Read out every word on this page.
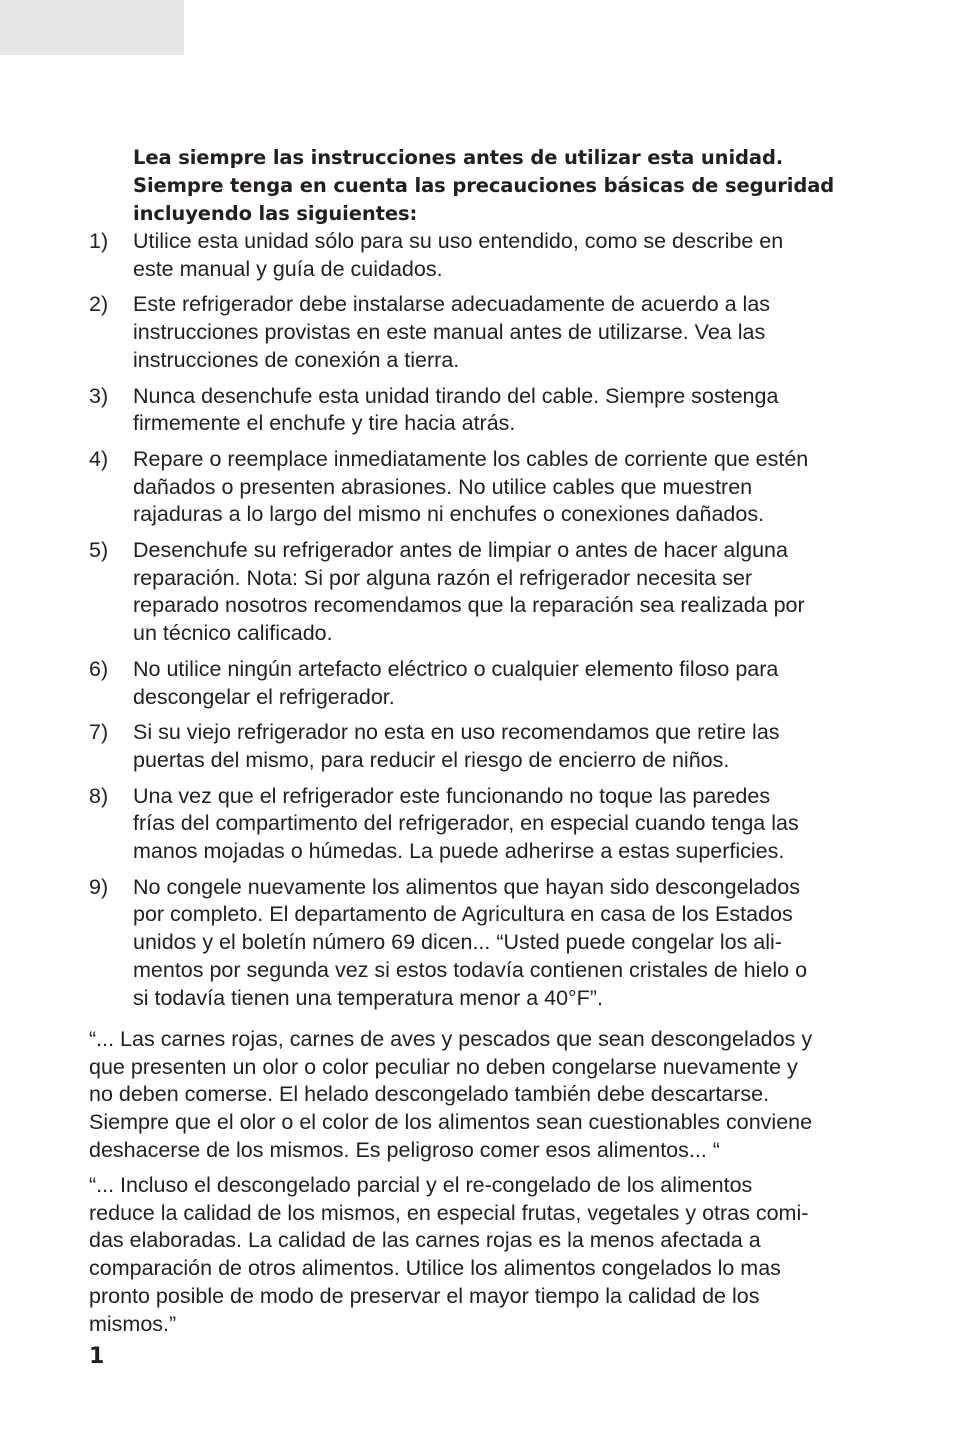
Lea siempre las instrucciones antes de utilizar esta unidad.
Siempre tenga en cuenta las precauciones básicas de seguridad
incluyendo las siguientes:
1) Utilice esta unidad sólo para su uso entendido, como se describe en
este manual y guía de cuidados.
2) Este refrigerador debe instalarse adecuadamente de acuerdo a las
instrucciones provistas en este manual antes de utilizarse. Vea las
instrucciones de conexión a tierra.
3) Nunca desenchufe esta unidad tirando del cable. Siempre sostenga
firmemente el enchufe y tire hacia atrás.
4) Repare o reemplace inmediatamente los cables de corriente que estén
dañados o presenten abrasiones. No utilice cables que muestren
rajaduras a lo largo del mismo ni enchufes o conexiones dañados.
5) Desenchufe su refrigerador antes de limpiar o antes de hacer alguna
reparación. Nota: Si por alguna razón el refrigerador necesita ser
reparado nosotros recomendamos que la reparación sea realizada por
un técnico calificado.
6) No utilice ningún artefacto eléctrico o cualquier elemento filoso para
descongelar el refrigerador.
7) Si su viejo refrigerador no esta en uso recomendamos que retire las
puertas del mismo, para reducir el riesgo de encierro de niños.
8) Una vez que el refrigerador este funcionando no toque las paredes
frías del compartimento del refrigerador, en especial cuando tenga las
manos mojadas o húmedas. La puede adherirse a estas superficies.
9) No congele nuevamente los alimentos que hayan sido descongelados
por completo. El departamento de Agricultura en casa de los Estados
unidos y el boletín número 69 dicen... “Usted puede congelar los ali-
mentos por segunda vez si estos todavía contienen cristales de hielo o
si todavía tienen una temperatura menor a 40°F”.
“... Las carnes rojas, carnes de aves y pescados que sean descongelados y
que presenten un olor o color peculiar no deben congelarse nuevamente y
no deben comerse. El helado descongelado también debe descartarse.
Siempre que el olor o el color de los alimentos sean cuestionables conviene
deshacerse de los mismos. Es peligroso comer esos alimentos... “
“... Incluso el descongelado parcial y el re-congelado de los alimentos
reduce la calidad de los mismos, en especial frutas, vegetales y otras comi-
das elaboradas. La calidad de las carnes rojas es la menos afectada a
comparación de otros alimentos. Utilice los alimentos congelados lo mas
pronto posible de modo de preservar el mayor tiempo la calidad de los
mismos.”
1
